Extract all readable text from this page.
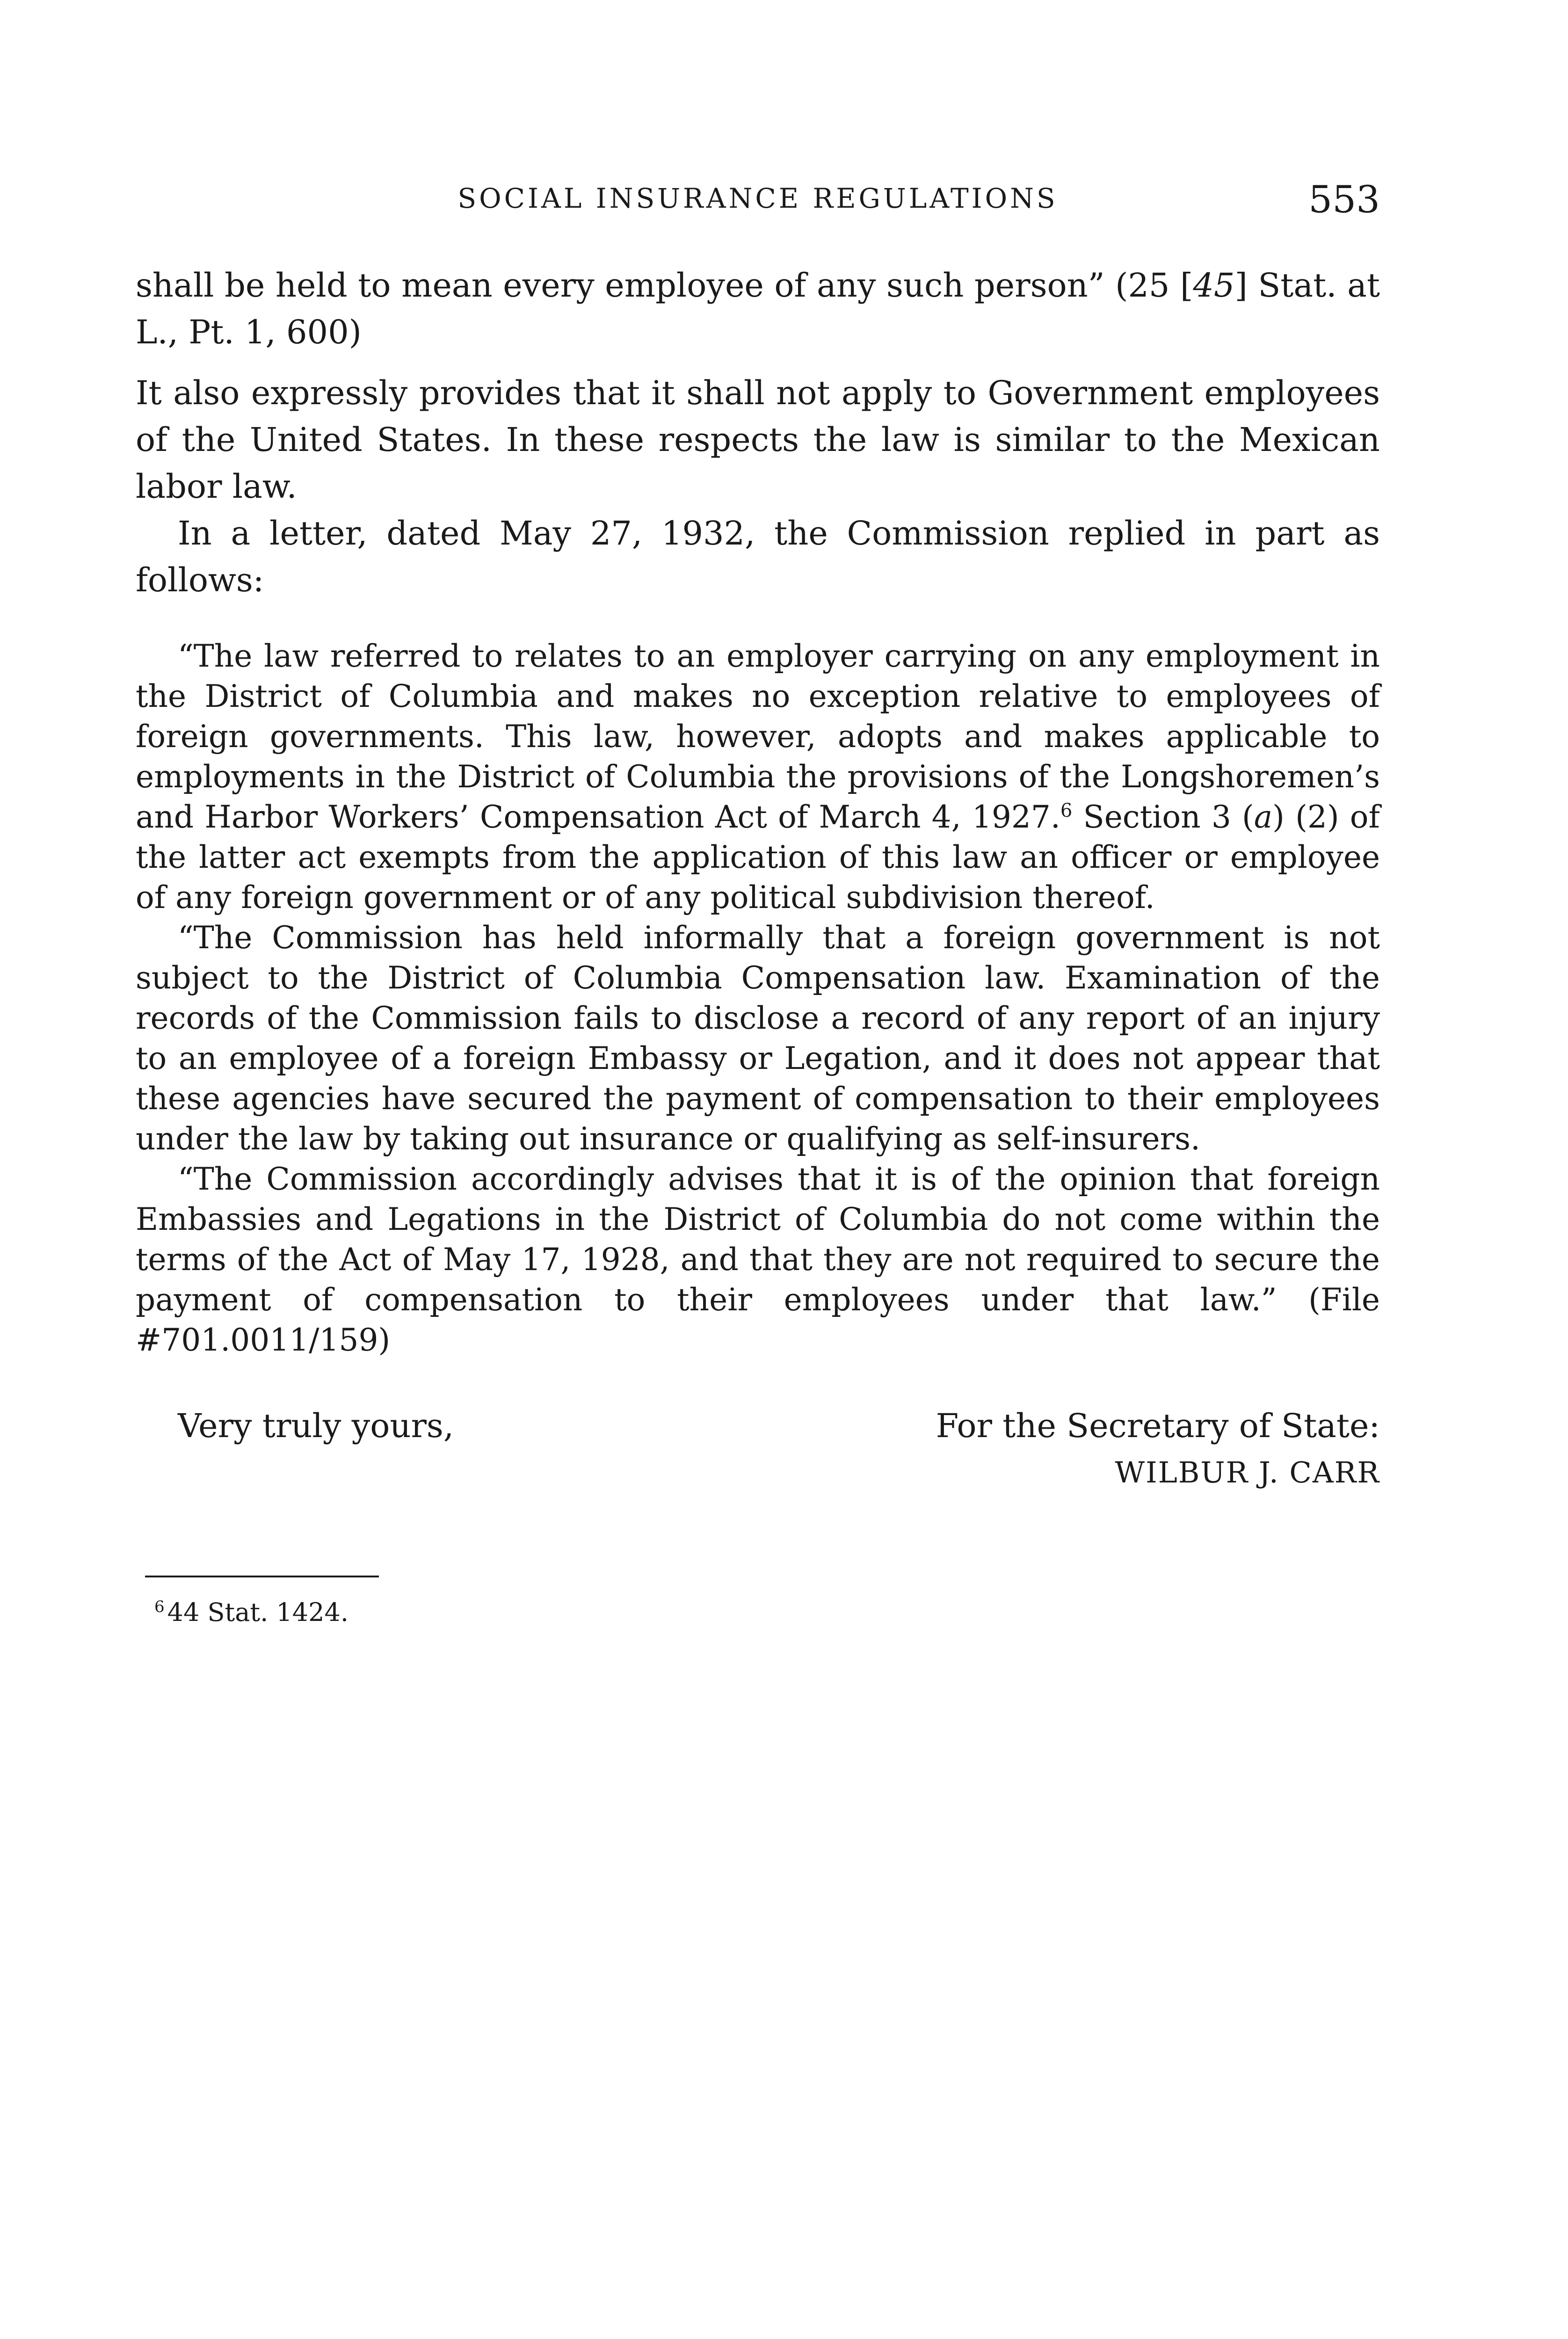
SOCIAL INSURANCE REGULATIONS	553

shall be held to mean every employee of any such person” (25 [45] Stat. at L., Pt. 1, 600)

It also expressly provides that it shall not apply to Government employees of the United States. In these respects the law is similar to the Mexican labor law.

In a letter, dated May 27, 1932, the Commission replied in part as follows:

“The law referred to relates to an employer carrying on any employment in the District of Columbia and makes no exception relative to employees of foreign governments. This law, however, adopts and makes applicable to employments in the District of Columbia the provisions of the Longshoremen’s and Harbor Workers’ Compensation Act of March 4, 1927.$^6$ Section 3 (a) (2) of the latter act exempts from the application of this law an officer or employee of any foreign government or of any political subdivision thereof.

“The Commission has held informally that a foreign government is not subject to the District of Columbia Compensation law. Examination of the records of the Commission fails to disclose a record of any report of an injury to an employee of a foreign Embassy or Legation, and it does not appear that these agencies have secured the payment of compensation to their employees under the law by taking out insurance or qualifying as self-insurers.

“The Commission accordingly advises that it is of the opinion that foreign Embassies and Legations in the District of Columbia do not come within the terms of the Act of May 17, 1928, and that they are not required to secure the payment of compensation to their employees under that law.” (File #701.0011/159)

Very truly yours,	For the Secretary of State:
WILBUR J. CARR
$^6$ 44 Stat. 1424.
